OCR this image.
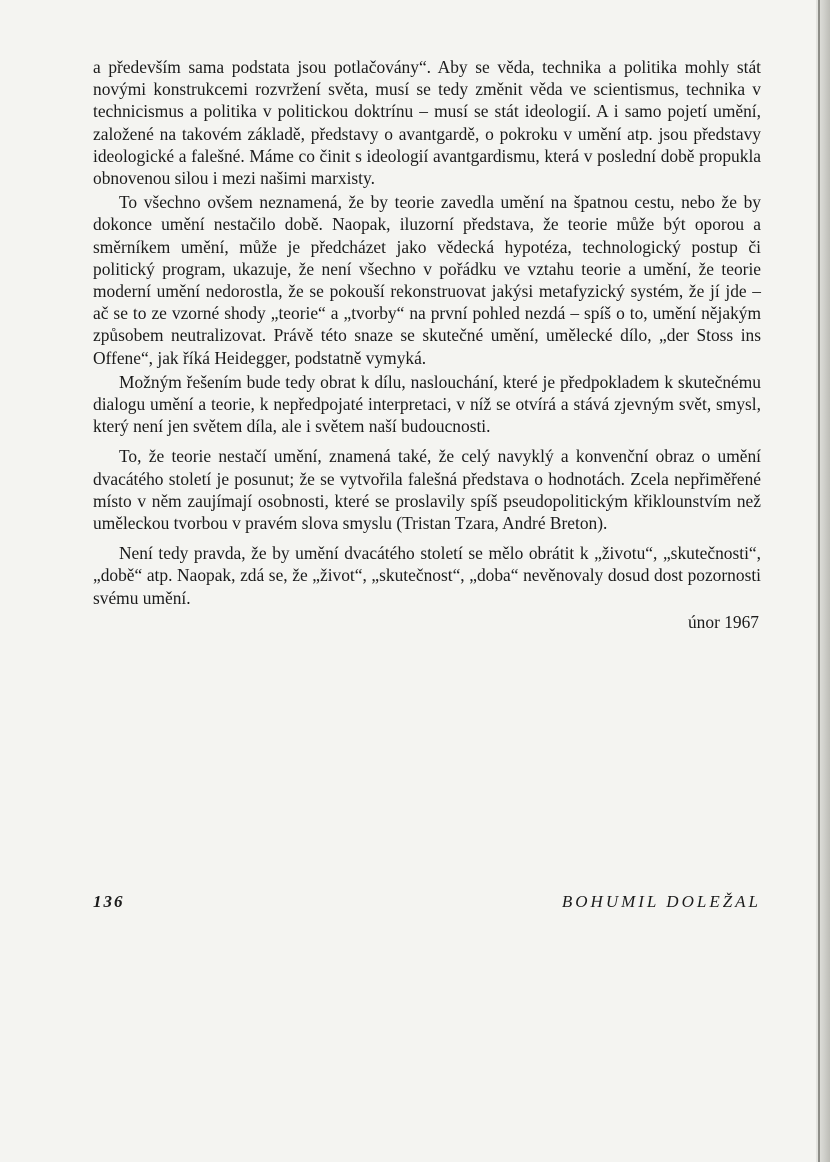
a především sama podstata jsou potlačovány“. Aby se věda, technika a politika mohly stát novými konstrukcemi rozvržení světa, musí se tedy změnit věda ve scientismus, technika v technicismus a politika v politickou doktrínu – musí se stát ideologií. A i samo pojetí umění, založené na takovém základě, představy o avantgardě, o pokroku v umění atp. jsou představy ideologické a falešné. Máme co činit s ideologií avantgardismu, která v poslední době propukla obnovenou silou i mezi našimi marxisty.

To všechno ovšem neznamená, že by teorie zavedla umění na špatnou cestu, nebo že by dokonce umění nestačilo době. Naopak, iluzorní představa, že teorie může být oporou a směrníkem umění, může je předcházet jako vědecká hypotéza, technologický postup či politický program, ukazuje, že není všechno v pořádku ve vztahu teorie a umění, že teorie moderní umění nedorostla, že se pokouší rekonstruovat jakýsi metafyzický systém, že jí jde – ač se to ze vzorné shody „teorie“ a „tvorby“ na první pohled nezdá – spíš o to, umění nějakým způsobem neutralizovat. Právě této snaze se skutečné umění, umělecké dílo, „der Stoss ins Offene“, jak říká Heidegger, podstatně vymyká.

Možným řešením bude tedy obrat k dílu, naslouchání, které je předpokladem k skutečnému dialogu umění a teorie, k nepředpojaté interpretaci, v níž se otvírá a stává zjevným svět, smysl, který není jen světem díla, ale i světem naší budoucnosti.

To, že teorie nestačí umění, znamená také, že celý navyklý a konvenční obraz o umění dvacátého století je posunut; že se vytvořila falešná představa o hodnotách. Zcela nepřiměřené místo v něm zaujímají osobnosti, které se proslavily spíš pseudopolitickým křiklounstvím než uměleckou tvorbou v pravém slova smyslu (Tristan Tzara, André Breton).

Není tedy pravda, že by umění dvacátého století se mělo obrátit k „životu“, „skutečnosti“, „době“ atp. Naopak, zdá se, že „život“, „skutečnost“, „doba“ nevěnovaly dosud dost pozornosti svému umění.

únor 1967
136	BOHUMIL DOLEŽAL
